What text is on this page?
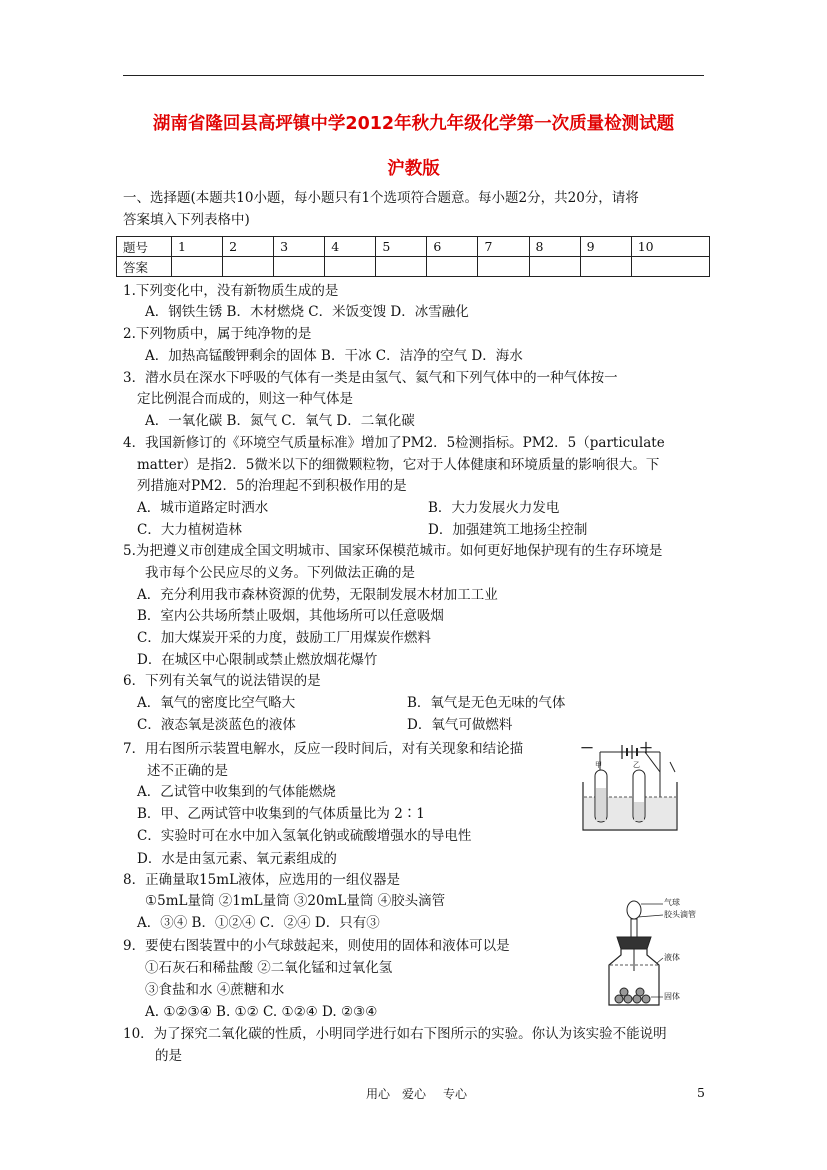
湖南省隆回县高坪镇中学2012年秋九年级化学第一次质量检测试题
沪教版
一、选择题(本题共10小题，每小题只有1个选项符合题意。每小题2分，共20分，请将
答案填入下列表格中)
题号	1	2	3	4	5	6	7	8	9	10
答案										
1.下列变化中，没有新物质生成的是
A．钢铁生锈 B．木材燃烧 C．米饭变馊 D．冰雪融化
2.下列物质中，属于纯净物的是
A．加热高锰酸钾剩余的固体 B．干冰 C．洁净的空气 D．海水
3．潜水员在深水下呼吸的气体有一类是由氢气、氦气和下列气体中的一种气体按一
定比例混合而成的，则这一种气体是
A．一氧化碳 B．氮气 C．氧气 D．二氧化碳
4．我国新修订的《环境空气质量标准》增加了PM2．5检测指标。PM2．5（particulate
matter）是指2．5微米以下的细微颗粒物，它对于人体健康和环境质量的影响很大。下
列措施对PM2．5的治理起不到积极作用的是
A．城市道路定时洒水	B．大力发展火力发电
C．大力植树造林	D．加强建筑工地扬尘控制
5.为把遵义市创建成全国文明城市、国家环保模范城市。如何更好地保护现有的生存环境是
我市每个公民应尽的义务。下列做法正确的是
A．充分利用我市森林资源的优势，无限制发展木材加工工业
B．室内公共场所禁止吸烟，其他场所可以任意吸烟
C．加大煤炭开采的力度，鼓励工厂用煤炭作燃料
D．在城区中心限制或禁止燃放烟花爆竹
6．下列有关氧气的说法错误的是
A．氧气的密度比空气略大	B．氧气是无色无味的气体
C．液态氧是淡蓝色的液体	D．氧气可做燃料
7．用右图所示装置电解水，反应一段时间后，对有关现象和结论描
述不正确的是
A．乙试管中收集到的气体能燃烧
B．甲、乙两试管中收集到的气体质量比为 2∶1
C．实验时可在水中加入氢氧化钠或硫酸增强水的导电性
D．水是由氢元素、氧元素组成的
－	＋
甲	乙
8．正确量取15mL液体，应选用的一组仪器是
①5mL量筒 ②1mL量筒 ③20mL量筒 ④胶头滴管
A．③④ B．①②④ C．②④ D．只有③
9．要使右图装置中的小气球鼓起来，则使用的固体和液体可以是
①石灰石和稀盐酸 ②二氧化锰和过氧化氢
③食盐和水 ④蔗糖和水
A. ①②③④ B. ①② C. ①②④ D. ②③④
气球
胶头滴管
液体
固体
10．为了探究二氧化碳的性质，小明同学进行如右下图所示的实验。你认为该实验不能说明
的是
用心 爱心 专心	5
